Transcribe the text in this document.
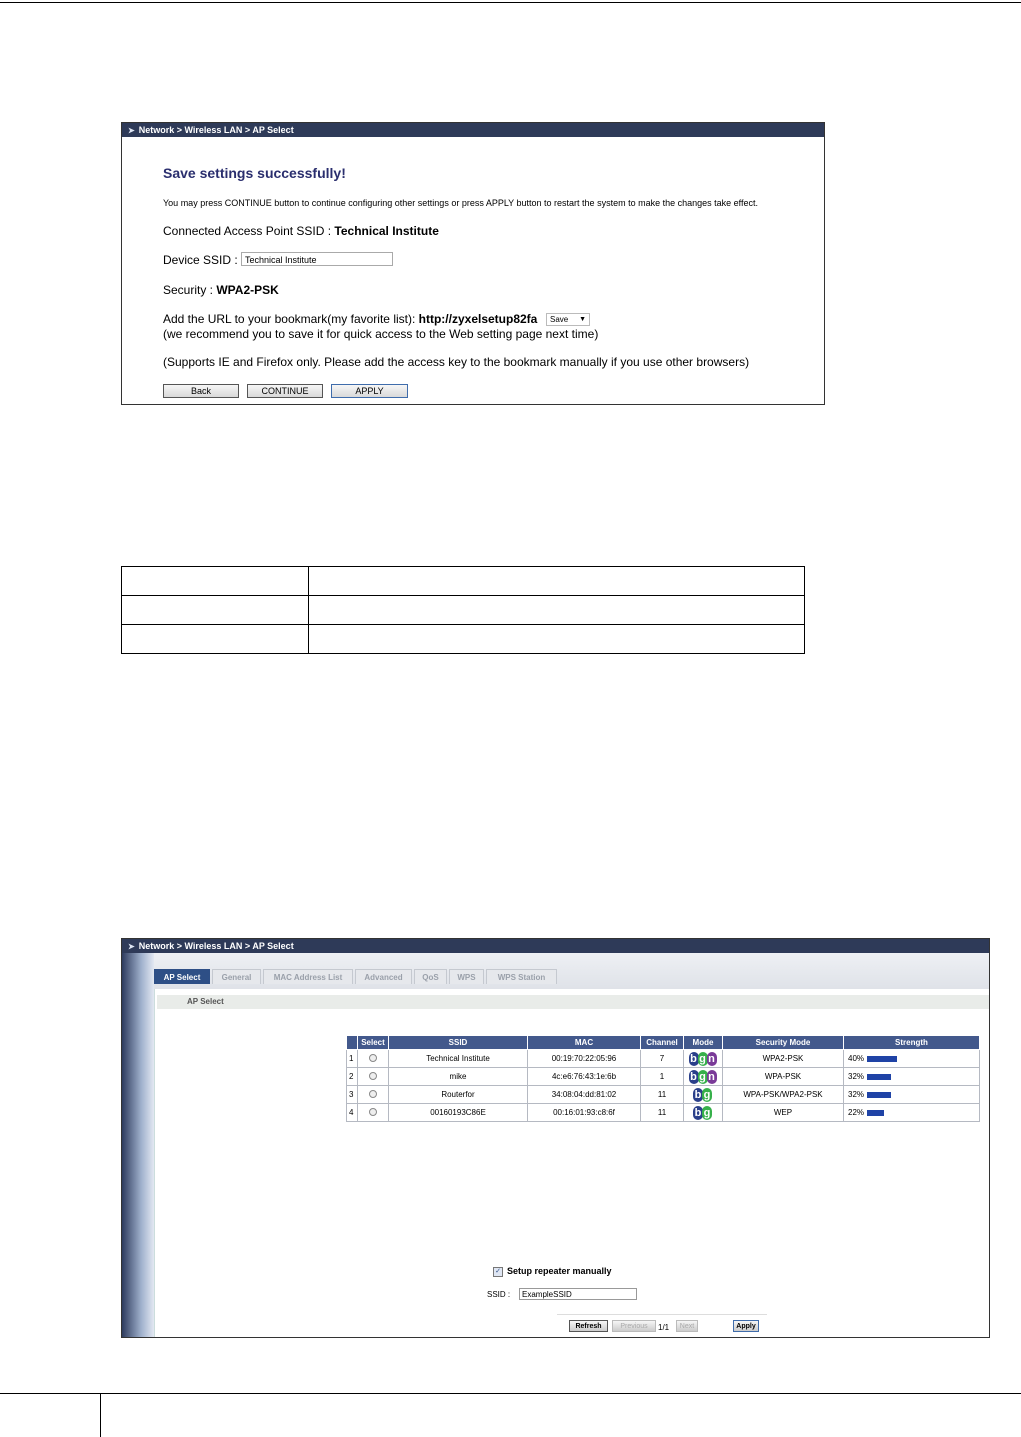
➤ Network > Wireless LAN > AP Select
Save settings successfully!
You may press CONTINUE button to continue configuring other settings or press APPLY button to restart the system to make the changes take effect.
Connected Access Point SSID : Technical Institute
Device SSID : Technical Institute
Security : WPA2-PSK
Add the URL to your bookmark(my favorite list): http://zyxelsetup82fa	Save ▼
(we recommend you to save it for quick access to the Web setting page next time)
(Supports IE and Firefox only. Please add the access key to the bookmark manually if you use other browsers)
Back	CONTINUE	APPLY

➤ Network > Wireless LAN > AP Select
AP Select	General	MAC Address List	Advanced	QoS	WPS	WPS Station
AP Select
	Select	SSID	MAC	Channel	Mode	Security Mode	Strength
1		Technical Institute	00:19:70:22:05:96	7	b g n	WPA2-PSK	40%
2		mike	4c:e6:76:43:1e:6b	1	b g n	WPA-PSK	32%
3		Routerfor	34:08:04:dd:81:02	11	b g	WPA-PSK/WPA2-PSK	32%
4		00160193C86E	00:16:01:93:c8:6f	11	b g	WEP	22%
✓ Setup repeater manually
SSID :	ExampleSSID
Refresh	Previous	1/1	Next	Apply
